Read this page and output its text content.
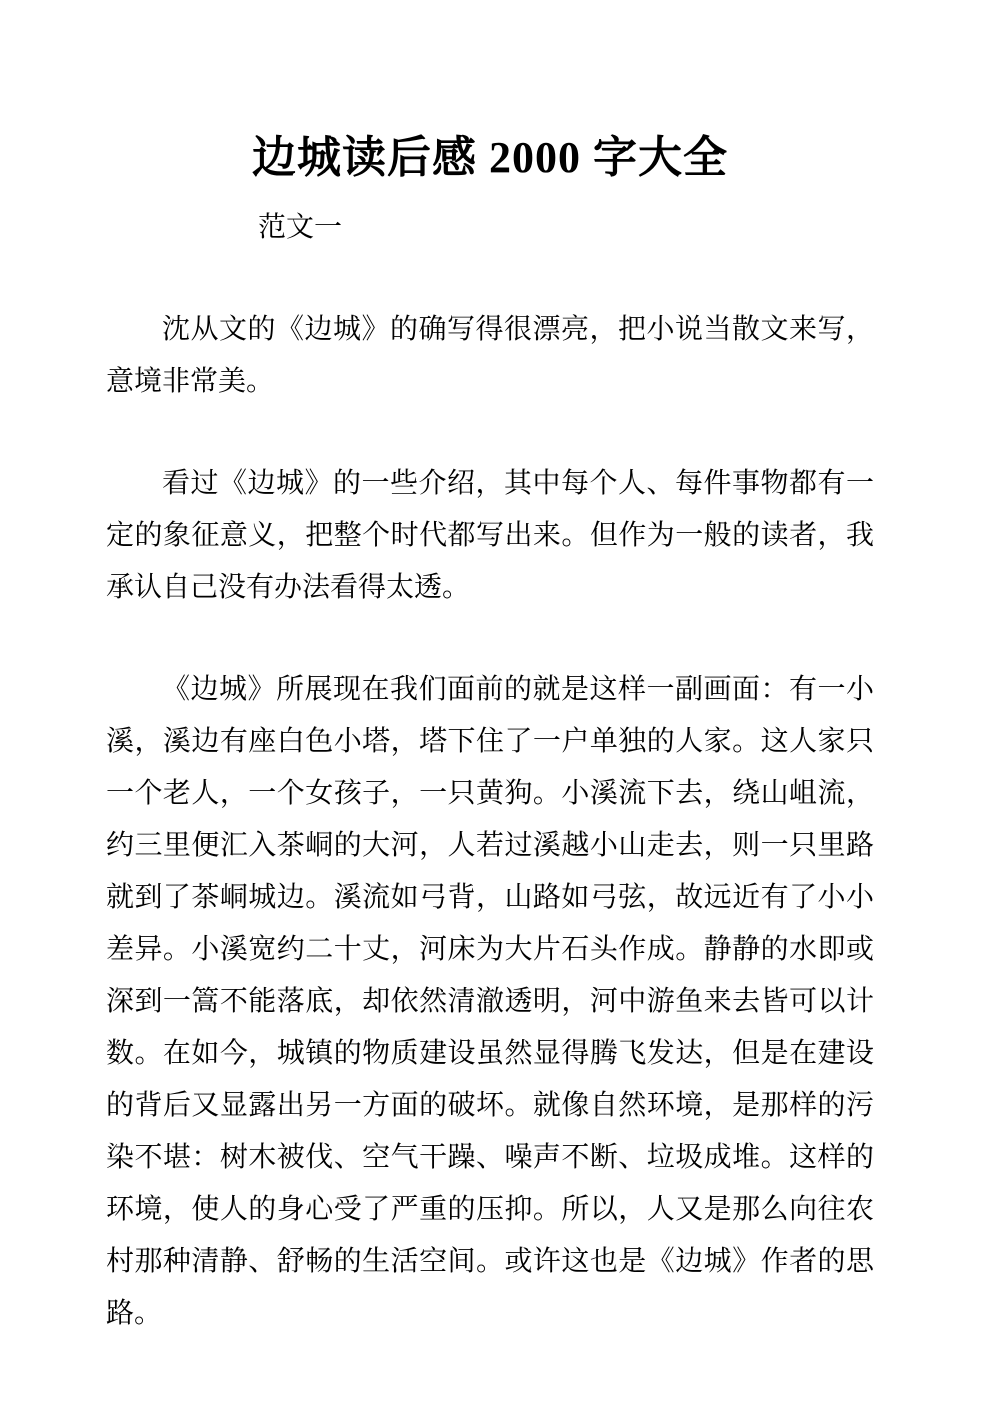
边城读后感 2000 字大全
范文一

沈从文的《边城》的确写得很漂亮，把小说当散文来写，意境非常美。

看过《边城》的一些介绍，其中每个人、每件事物都有一定的象征意义，把整个时代都写出来。但作为一般的读者，我承认自己没有办法看得太透。

《边城》所展现在我们面前的就是这样一副画面：有一小溪，溪边有座白色小塔，塔下住了一户单独的人家。这人家只一个老人，一个女孩子，一只黄狗。小溪流下去，绕山岨流，约三里便汇入茶峒的大河，人若过溪越小山走去，则一只里路就到了茶峒城边。溪流如弓背，山路如弓弦，故远近有了小小差异。小溪宽约二十丈，河床为大片石头作成。静静的水即或深到一篙不能落底，却依然清澈透明，河中游鱼来去皆可以计数。在如今，城镇的物质建设虽然显得腾飞发达，但是在建设的背后又显露出另一方面的破坏。就像自然环境，是那样的污染不堪：树木被伐、空气干躁、噪声不断、垃圾成堆。这样的环境，使人的身心受了严重的压抑。所以，人又是那么向往农村那种清静、舒畅的生活空间。或许这也是《边城》作者的思路。
